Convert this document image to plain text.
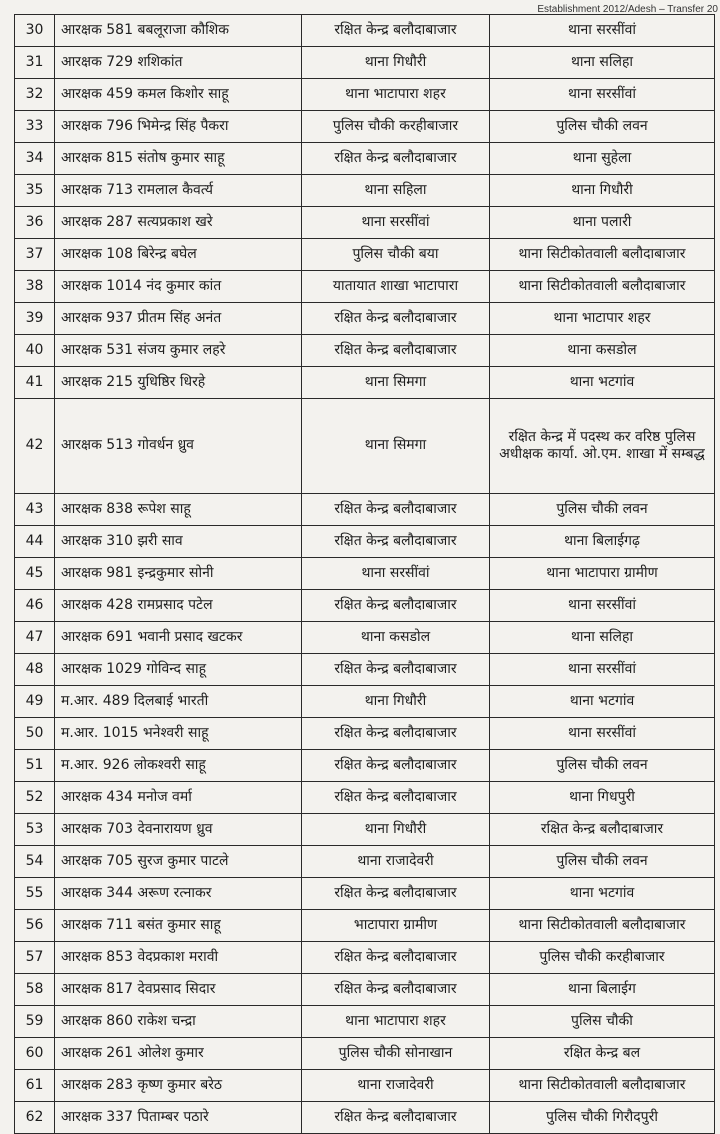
Establishment 2012/Adesh – Transfer 20
30	आरक्षक 581 बबलूराजा कौशिक	रक्षित केन्द्र बलौदाबाजार	थाना सरसींवां
31	आरक्षक 729 शशिकांत	थाना गिधौरी	थाना सलिहा
32	आरक्षक 459 कमल किशोर साहू	थाना भाटापारा शहर	थाना सरसींवां
33	आरक्षक 796 भिमेन्द्र सिंह पैकरा	पुलिस चौकी करहीबाजार	पुलिस चौकी लवन
34	आरक्षक 815 संतोष कुमार साहू	रक्षित केन्द्र बलौदाबाजार	थाना सुहेला
35	आरक्षक 713 रामलाल कैवर्त्य	थाना सहिला	थाना गिधौरी
36	आरक्षक 287 सत्यप्रकाश खरे	थाना सरसींवां	थाना पलारी
37	आरक्षक 108 बिरेन्द्र बघेल	पुलिस चौकी बया	थाना सिटीकोतवाली बलौदाबाजार
38	आरक्षक 1014 नंद कुमार कांत	यातायात शाखा भाटापारा	थाना सिटीकोतवाली बलौदाबाजार
39	आरक्षक 937 प्रीतम सिंह अनंत	रक्षित केन्द्र बलौदाबाजार	थाना भाटापार शहर
40	आरक्षक 531 संजय कुमार लहरे	रक्षित केन्द्र बलौदाबाजार	थाना कसडोल
41	आरक्षक 215 युधिष्ठिर धिरहे	थाना सिमगा	थाना भटगांव
42	आरक्षक 513 गोवर्धन ध्रुव	थाना सिमगा	रक्षित केन्द्र में पदस्थ कर वरिष्ठ पुलिस अधीक्षक कार्या. ओ.एम. शाखा में सम्बद्ध
43	आरक्षक 838 रूपेश साहू	रक्षित केन्द्र बलौदाबाजार	पुलिस चौकी लवन
44	आरक्षक 310 झरी साव	रक्षित केन्द्र बलौदाबाजार	थाना बिलाईगढ़
45	आरक्षक 981 इन्द्रकुमार सोनी	थाना सरसींवां	थाना भाटापारा ग्रामीण
46	आरक्षक 428 रामप्रसाद पटेल	रक्षित केन्द्र बलौदाबाजार	थाना सरसींवां
47	आरक्षक 691 भवानी प्रसाद खटकर	थाना कसडोल	थाना सलिहा
48	आरक्षक 1029 गोविन्द साहू	रक्षित केन्द्र बलौदाबाजार	थाना सरसींवां
49	म.आर. 489 दिलबाई भारती	थाना गिधौरी	थाना भटगांव
50	म.आर. 1015 भनेश्वरी साहू	रक्षित केन्द्र बलौदाबाजार	थाना सरसींवां
51	म.आर. 926 लोकश्वरी साहू	रक्षित केन्द्र बलौदाबाजार	पुलिस चौकी लवन
52	आरक्षक 434 मनोज वर्मा	रक्षित केन्द्र बलौदाबाजार	थाना गिधपुरी
53	आरक्षक 703 देवनारायण ध्रुव	थाना गिधौरी	रक्षित केन्द्र बलौदाबाजार
54	आरक्षक 705 सुरज कुमार पाटले	थाना राजादेवरी	पुलिस चौकी लवन
55	आरक्षक 344 अरूण रत्नाकर	रक्षित केन्द्र बलौदाबाजार	थाना भटगांव
56	आरक्षक 711 बसंत कुमार साहू	भाटापारा ग्रामीण	थाना सिटीकोतवाली बलौदाबाजार
57	आरक्षक 853 वेदप्रकाश मरावी	रक्षित केन्द्र बलौदाबाजार	पुलिस चौकी करहीबाजार
58	आरक्षक 817 देवप्रसाद सिदार	रक्षित केन्द्र बलौदाबाजार	थाना बिलाईग
59	आरक्षक 860 राकेश चन्द्रा	थाना भाटापारा शहर	पुलिस चौकी
60	आरक्षक 261 ओलेश कुमार	पुलिस चौकी सोनाखान	रक्षित केन्द्र बल
61	आरक्षक 283 कृष्ण कुमार बरेठ	थाना राजादेवरी	थाना सिटीकोतवाली बलौदाबाजार
62	आरक्षक 337 पिताम्बर पठारे	रक्षित केन्द्र बलौदाबाजार	पुलिस चौकी गिरौदपुरी
